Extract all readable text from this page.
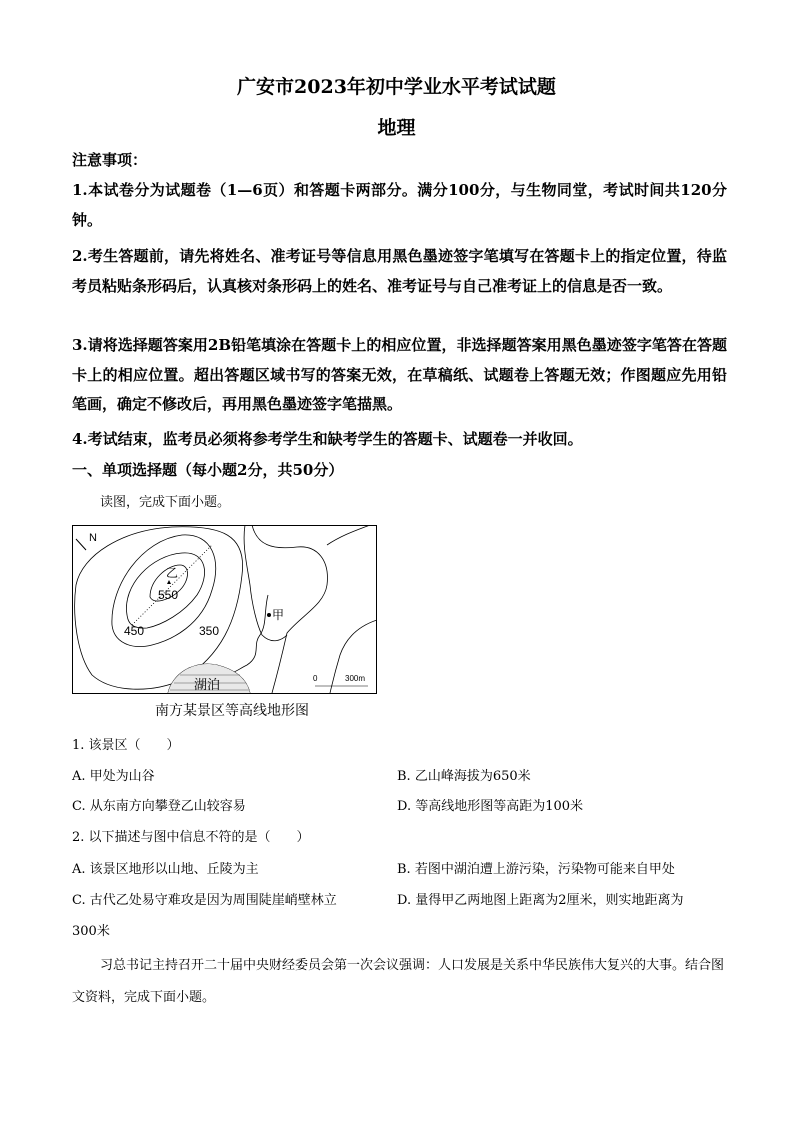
广安市2023年初中学业水平考试试题
地理
注意事项：
1.本试卷分为试题卷（1—6页）和答题卡两部分。满分100分，与生物同堂，考试时间共120分钟。
2.考生答题前，请先将姓名、准考证号等信息用黑色墨迹签字笔填写在答题卡上的指定位置，待监考员粘贴条形码后，认真核对条形码上的姓名、准考证号与自己准考证上的信息是否一致。
3.请将选择题答案用2B铅笔填涂在答题卡上的相应位置，非选择题答案用黑色墨迹签字笔答在答题卡上的相应位置。超出答题区域书写的答案无效，在草稿纸、试题卷上答题无效；作图题应先用铅笔画，确定不修改后，再用黑色墨迹签字笔描黑。
4.考试结束，监考员必须将参考学生和缺考学生的答题卡、试题卷一并收回。
一、单项选择题（每小题2分，共50分）
读图，完成下面小题。
N
乙
550
450	350
甲
湖泊	0	300m
南方某景区等高线地形图
1. 该景区（　　）
A. 甲处为山谷	B. 乙山峰海拔为650米
C. 从东南方向攀登乙山较容易	D. 等高线地形图等高距为100米
2. 以下描述与图中信息不符的是（　　）
A. 该景区地形以山地、丘陵为主	B. 若图中湖泊遭上游污染，污染物可能来自甲处
C. 古代乙处易守难攻是因为周围陡崖峭壁林立	D. 量得甲乙两地图上距离为2厘米，则实地距离为
300米
习总书记主持召开二十届中央财经委员会第一次会议强调：人口发展是关系中华民族伟大复兴的大事。结合图文资料，完成下面小题。
